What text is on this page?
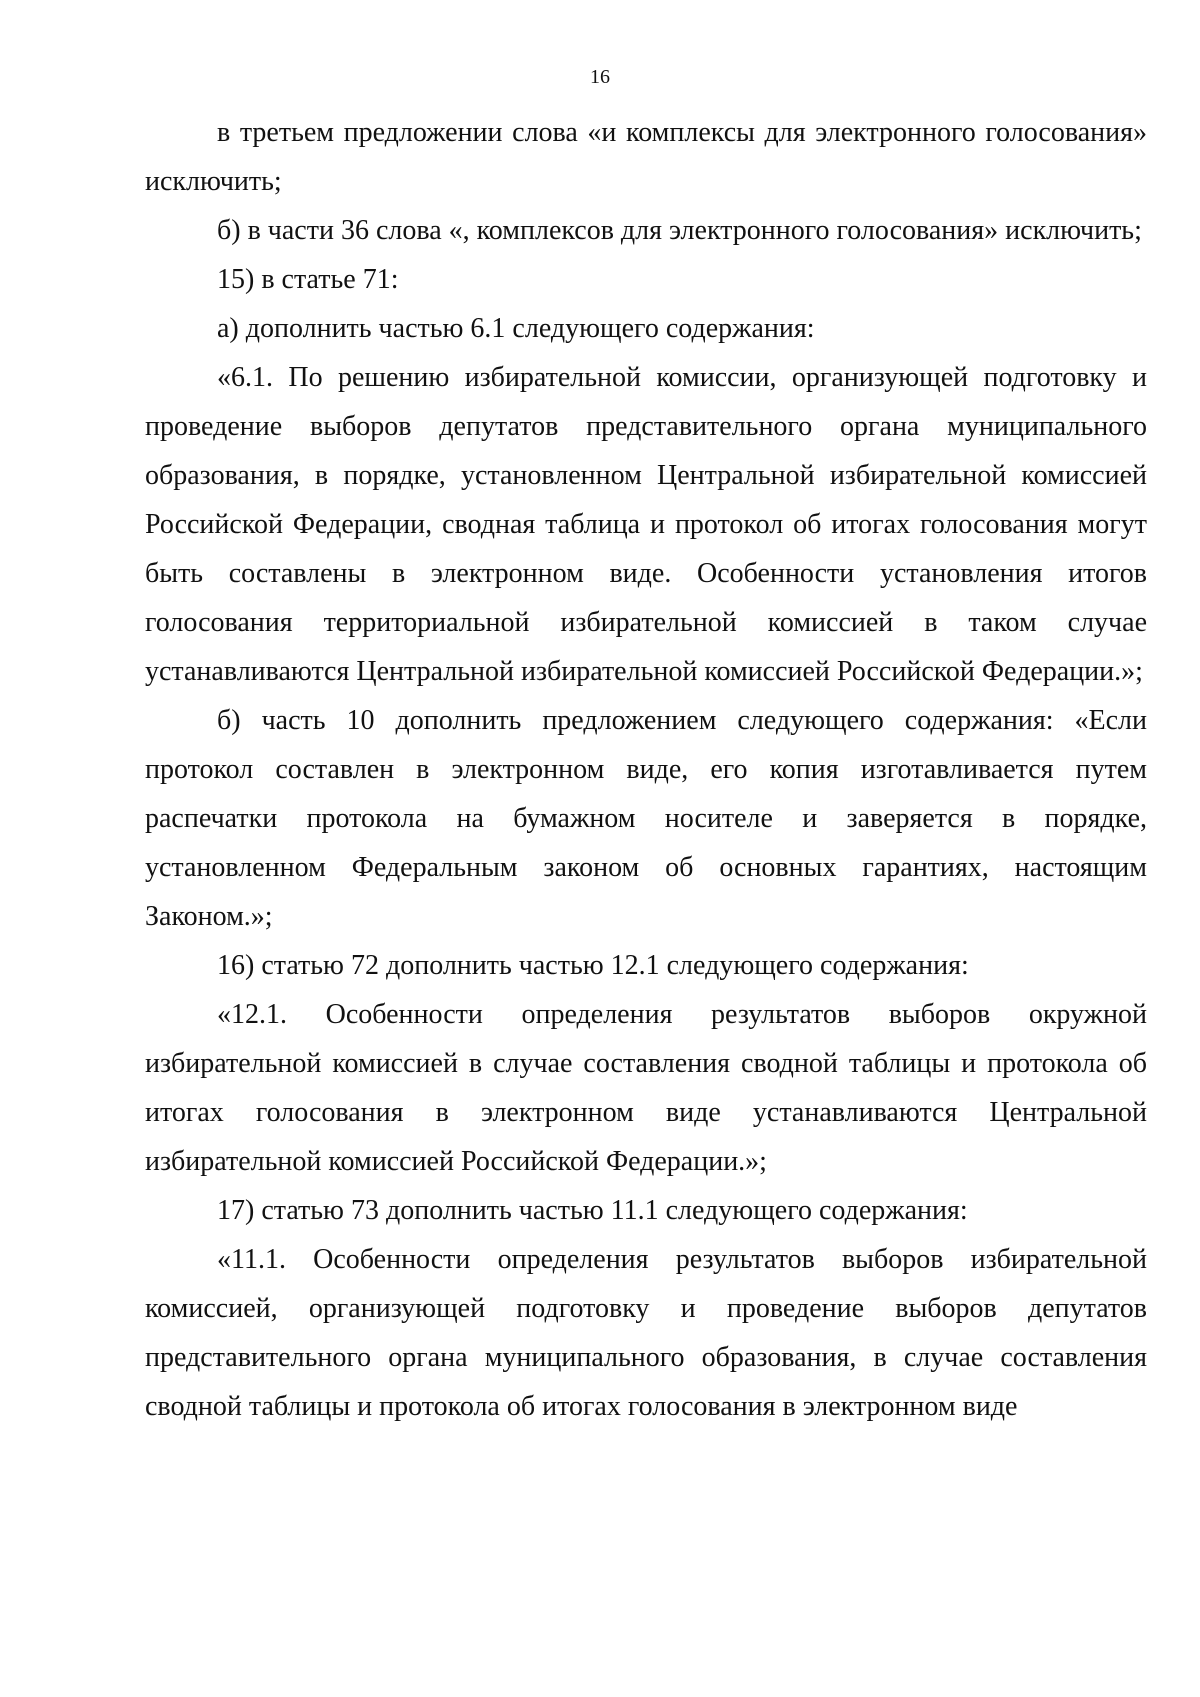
16

в третьем предложении слова «и комплексы для электронного голосования» исключить;

б) в части 36 слова «, комплексов для электронного голосования» исключить;

15) в статье 71:

а) дополнить частью 6.1 следующего содержания:

«6.1. По решению избирательной комиссии, организующей подготовку и проведение выборов депутатов представительного органа муниципального образования, в порядке, установленном Центральной избирательной комиссией Российской Федерации, сводная таблица и протокол об итогах голосования могут быть составлены в электронном виде. Особенности установления итогов голосования территориальной избирательной комиссией в таком случае устанавливаются Центральной избирательной комиссией Российской Федерации.»;

б) часть 10 дополнить предложением следующего содержания: «Если протокол составлен в электронном виде, его копия изготавливается путем распечатки протокола на бумажном носителе и заверяется в порядке, установленном Федеральным законом об основных гарантиях, настоящим Законом.»;

16) статью 72 дополнить частью 12.1 следующего содержания:

«12.1. Особенности определения результатов выборов окружной избирательной комиссией в случае составления сводной таблицы и протокола об итогах голосования в электронном виде устанавливаются Центральной избирательной комиссией Российской Федерации.»;

17) статью 73 дополнить частью 11.1 следующего содержания:

«11.1. Особенности определения результатов выборов избирательной комиссией, организующей подготовку и проведение выборов депутатов представительного органа муниципального образования, в случае составления сводной таблицы и протокола об итогах голосования в электронном виде
